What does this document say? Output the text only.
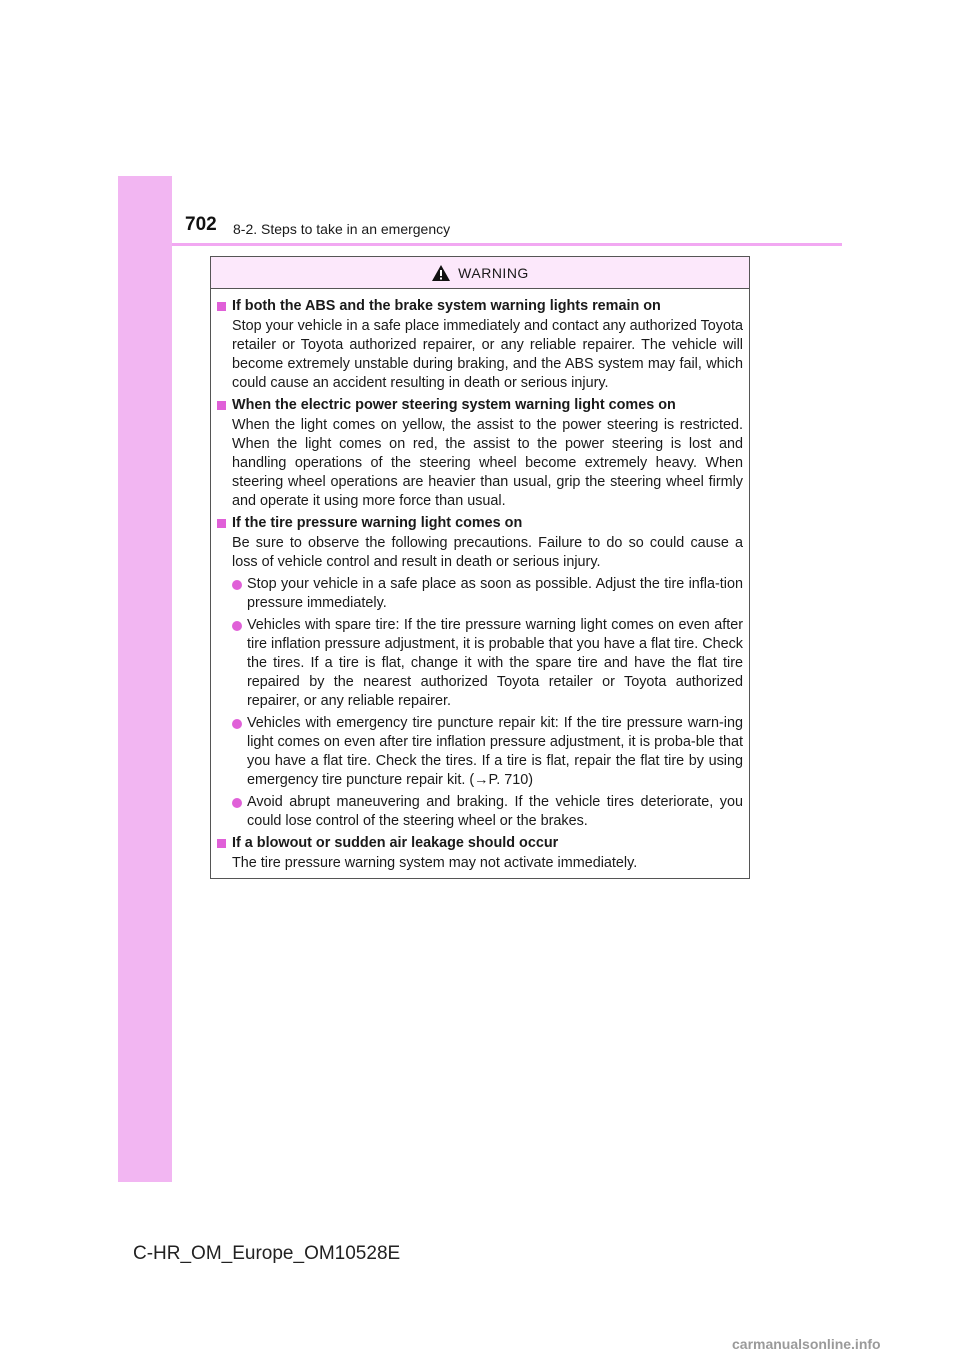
702 8-2. Steps to take in an emergency
WARNING
If both the ABS and the brake system warning lights remain on
Stop your vehicle in a safe place immediately and contact any authorized Toyota retailer or Toyota authorized repairer, or any reliable repairer. The vehicle will become extremely unstable during braking, and the ABS system may fail, which could cause an accident resulting in death or serious injury.
When the electric power steering system warning light comes on
When the light comes on yellow, the assist to the power steering is restricted. When the light comes on red, the assist to the power steering is lost and handling operations of the steering wheel become extremely heavy. When steering wheel operations are heavier than usual, grip the steering wheel firmly and operate it using more force than usual.
If the tire pressure warning light comes on
Be sure to observe the following precautions. Failure to do so could cause a loss of vehicle control and result in death or serious injury.
Stop your vehicle in a safe place as soon as possible. Adjust the tire infla-tion pressure immediately.
Vehicles with spare tire: If the tire pressure warning light comes on even after tire inflation pressure adjustment, it is probable that you have a flat tire. Check the tires. If a tire is flat, change it with the spare tire and have the flat tire repaired by the nearest authorized Toyota retailer or Toyota authorized repairer, or any reliable repairer.
Vehicles with emergency tire puncture repair kit: If the tire pressure warn-ing light comes on even after tire inflation pressure adjustment, it is proba-ble that you have a flat tire. Check the tires. If a tire is flat, repair the flat tire by using emergency tire puncture repair kit. (→P. 710)
Avoid abrupt maneuvering and braking. If the vehicle tires deteriorate, you could lose control of the steering wheel or the brakes.
If a blowout or sudden air leakage should occur
The tire pressure warning system may not activate immediately.
C-HR_OM_Europe_OM10528E
carmanualsonline.info
